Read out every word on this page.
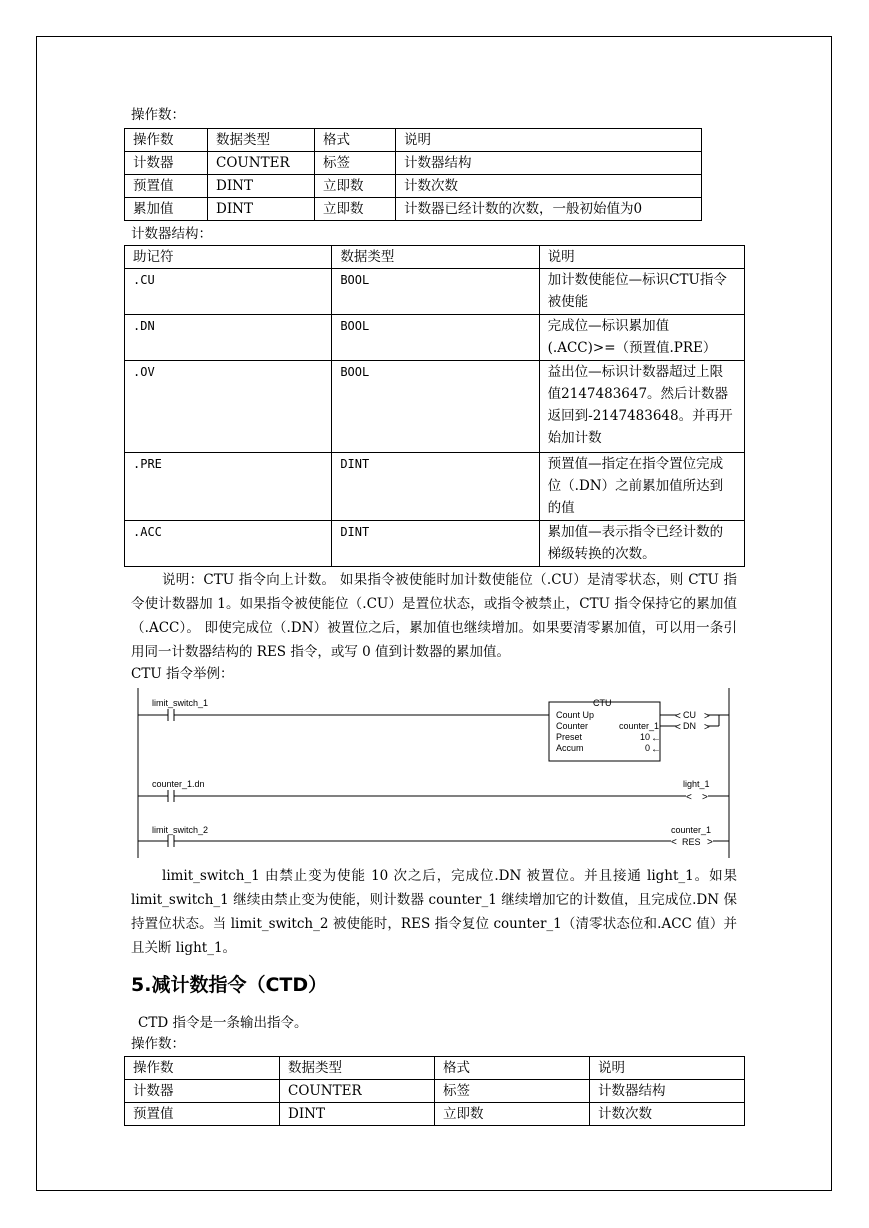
操作数：
操作数	数据类型	格式	说明
计数器	COUNTER	标签	计数器结构
预置值	DINT	立即数	计数次数
累加值	DINT	立即数	计数器已经计数的次数，一般初始值为0
计数器结构：
助记符	数据类型	说明
.CU	BOOL	加计数使能位—标识CTU指令被使能
.DN	BOOL	完成位—标识累加值(.ACC)>=（预置值.PRE）
.OV	BOOL	益出位—标识计数器超过上限值2147483647。然后计数器返回到-2147483648。并再开始加计数
.PRE	DINT	预置值—指定在指令置位完成位（.DN）之前累加值所达到的值
.ACC	DINT	累加值—表示指令已经计数的梯级转换的次数。
说明：CTU 指令向上计数。 如果指令被使能时加计数使能位（.CU）是清零状态，则 CTU 指令使计数器加 1。如果指令被使能位（.CU）是置位状态，或指令被禁止，CTU 指令保持它的累加值（.ACC）。 即使完成位（.DN）被置位之后，累加值也继续增加。如果要清零累加值，可以用一条引用同一计数器结构的 RES 指令，或写 0 值到计数器的累加值。
CTU 指令举例：
limit_switch_1	CTU
Count Up
Counter	counter_1
Preset	10
Accum	0
CU
DN
counter_1.dn	light_1
limit_switch_2	counter_1
RES
←
←
< >
< >
< >
<	>
limit_switch_1 由禁止变为使能 10 次之后，完成位.DN 被置位。并且接通 light_1。如果 limit_switch_1 继续由禁止变为使能，则计数器 counter_1 继续增加它的计数值，且完成位.DN 保持置位状态。当 limit_switch_2 被使能时，RES 指令复位 counter_1（清零状态位和.ACC 值）并且关断 light_1。
5.减计数指令（CTD）
CTD 指令是一条输出指令。
操作数：
操作数	数据类型	格式	说明
计数器	COUNTER	标签	计数器结构
预置值	DINT	立即数	计数次数
